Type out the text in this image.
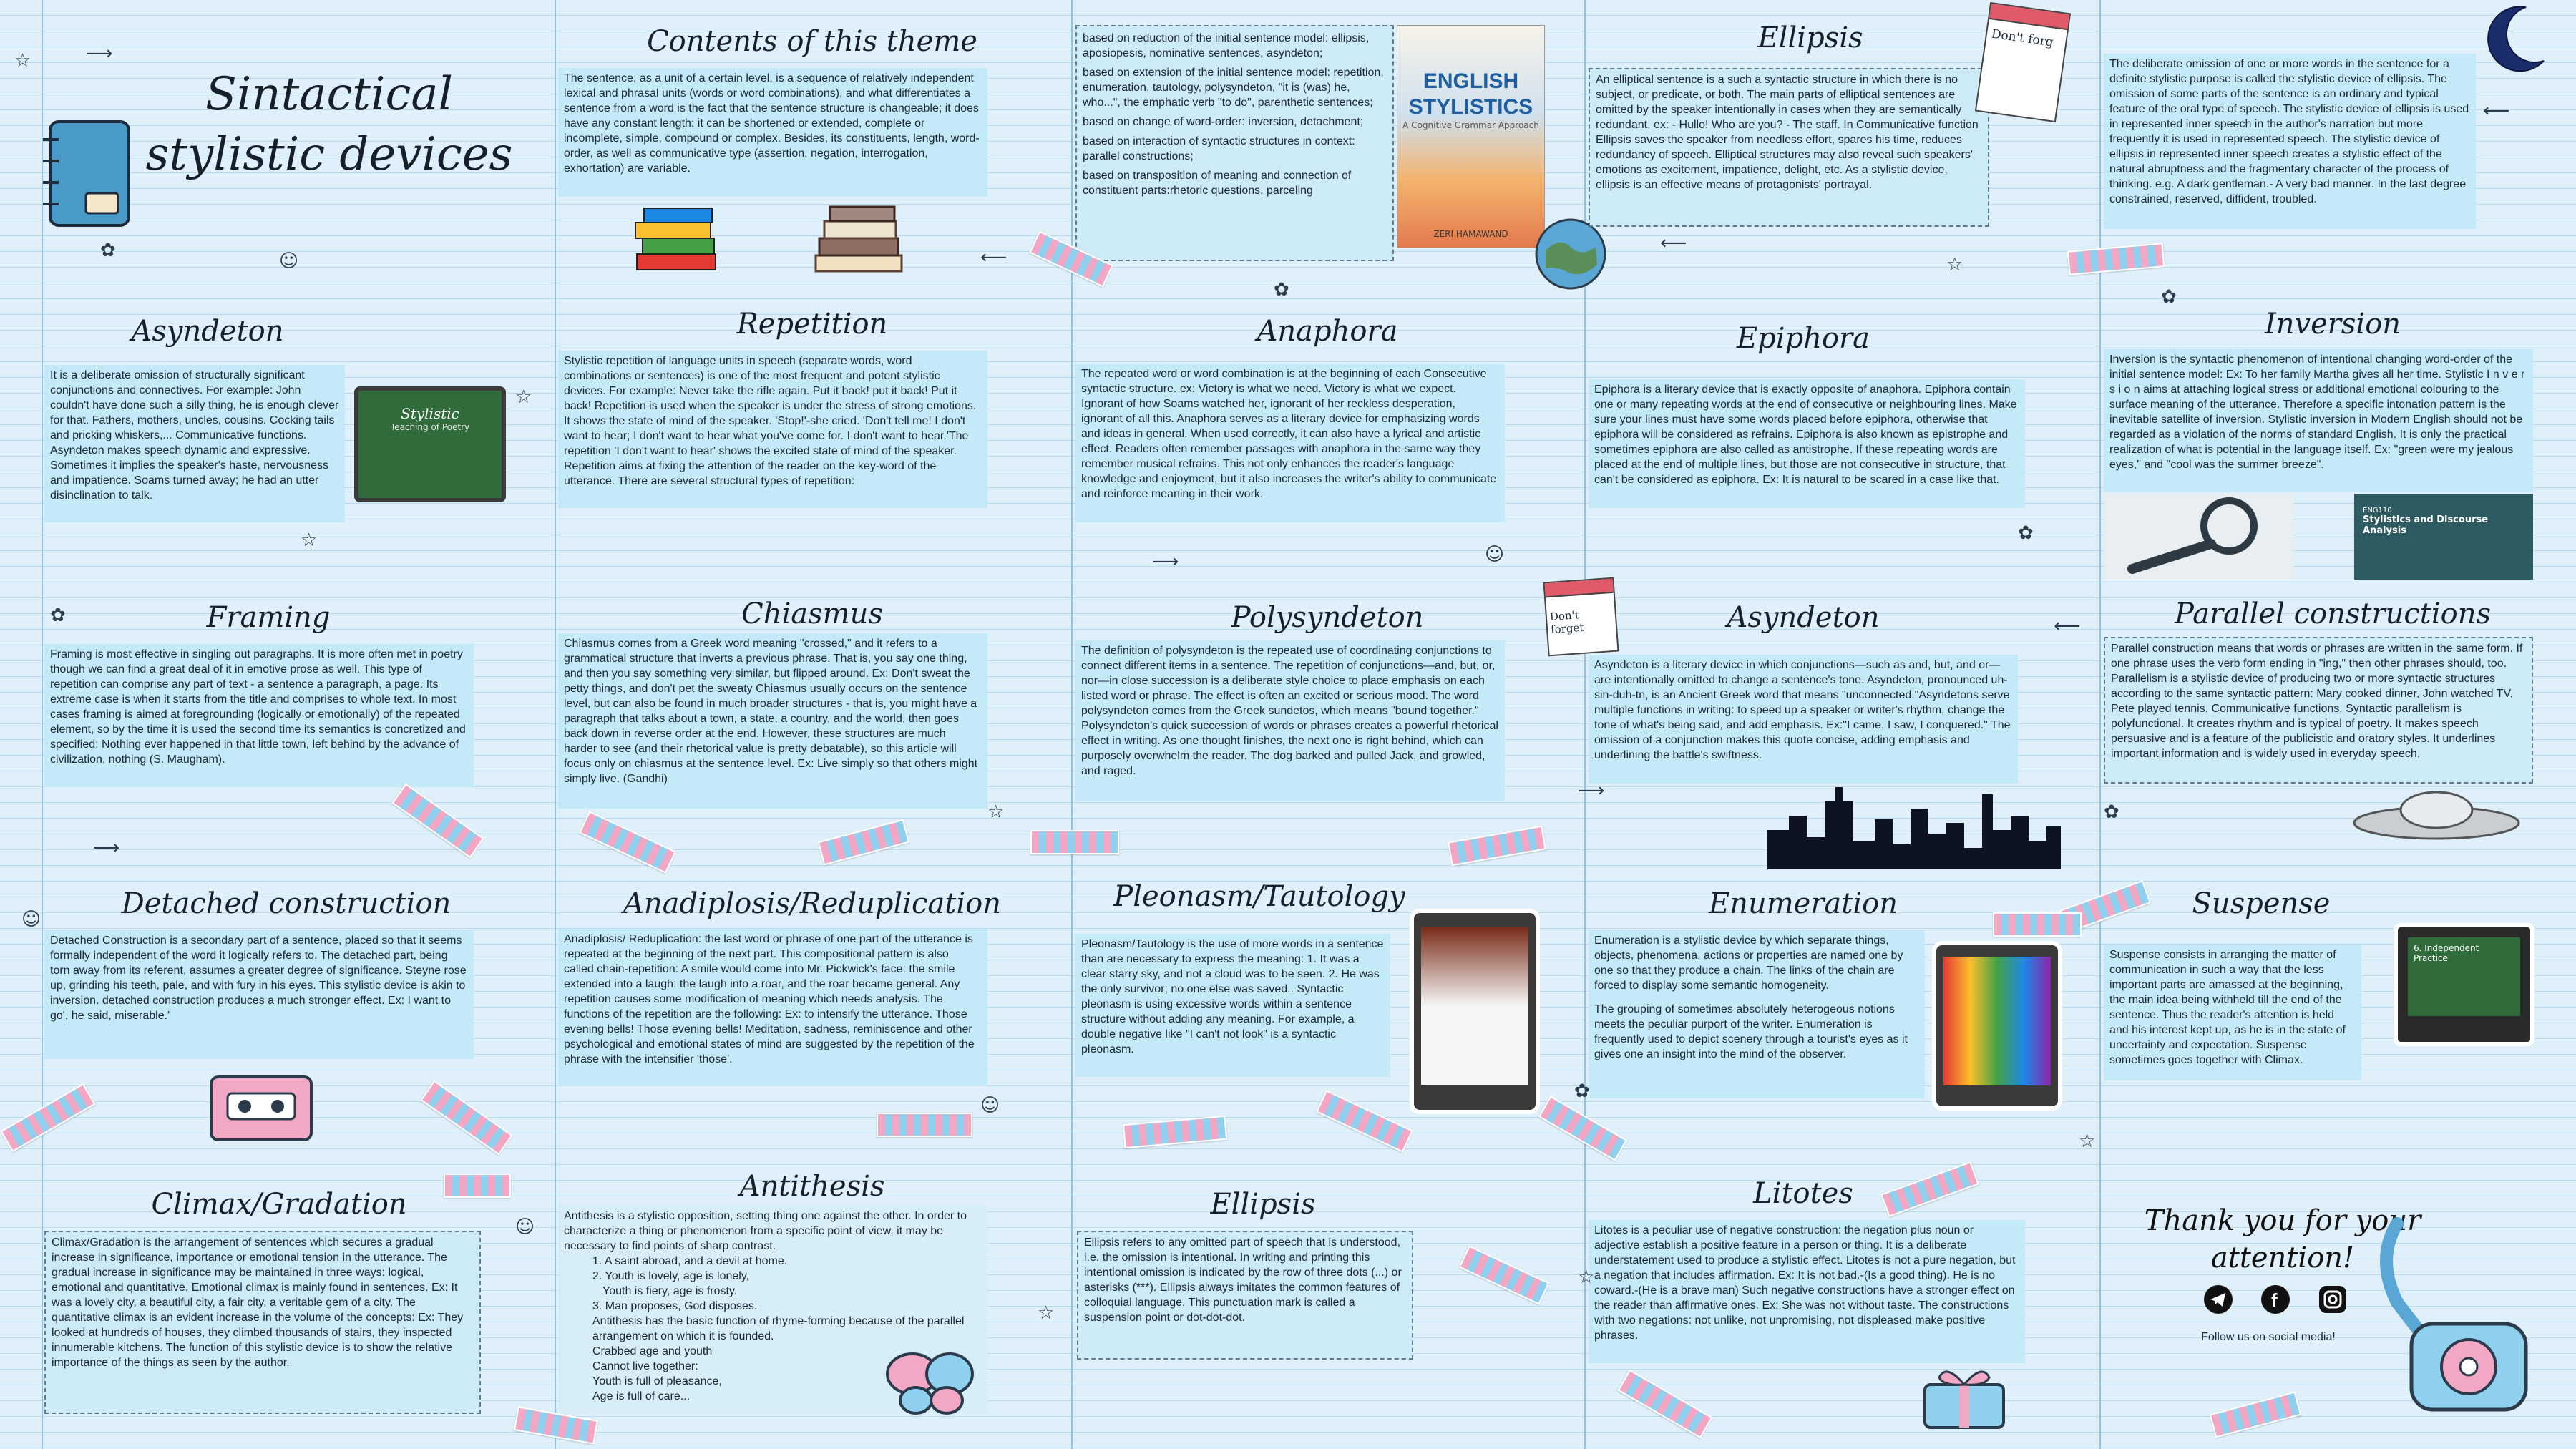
Sintactical stylistic devices
Contents of this theme
The sentence, as a unit of a certain level, is a sequence of relatively independent lexical and phrasal units (words or word combinations), and what differentiates a sentence from a word is the fact that the sentence structure is changeable; it does have any constant length: it can be shortened or extended, complete or incomplete, simple, compound or complex. Besides, its constituents, length, word-order, as well as communicative type (assertion, negation, interrogation, exhortation) are variable.
based on reduction of the initial sentence model: ellipsis, aposiopesis, nominative sentences, asyndeton;
based on extension of the initial sentence model: repetition, enumeration, tautology, polysyndeton, "it is (was) he, who...", the emphatic verb "to do", parenthetic sentences;
based on change of word-order: inversion, detachment;
based on interaction of syntactic structures in context: parallel constructions;
based on transposition of meaning and connection of constituent parts:rhetoric questions, parceling
ENGLISH STYLISTICS
A Cognitive Grammar Approach
ZERI HAMAWAND
Ellipsis
An elliptical sentence is a such a syntactic structure in which there is no subject, or predicate, or both. The main parts of elliptical sentences are omitted by the speaker intentionally in cases when they are semantically redundant. ex: - Hullo! Who are you? - The staff. In Communicative function Ellipsis saves the speaker from needless effort, spares his time, reduces redundancy of speech. Elliptical structures may also reveal such speakers' emotions as excitement, impatience, delight, etc. As a stylistic device, ellipsis is an effective means of protagonists' portrayal.
Don't forg
The deliberate omission of one or more words in the sentence for a definite stylistic purpose is called the stylistic device of ellipsis. The omission of some parts of the sentence is an ordinary and typical feature of the oral type of speech. The stylistic device of ellipsis is used in represented inner speech in the author's narration but more frequently it is used in represented speech. The stylistic device of ellipsis in represented inner speech creates a stylistic effect of the natural abruptness and the fragmentary character of the process of thinking. e.g. A dark gentleman.- A very bad manner. In the last degree constrained, reserved, diffident, troubled.
Asyndeton
It is a deliberate omission of structurally significant conjunctions and connectives. For example: John couldn't have done such a silly thing, he is enough clever for that. Fathers, mothers, uncles, cousins. Cocking tails and pricking whiskers,... Communicative functions. Asyndeton makes speech dynamic and expressive. Sometimes it implies the speaker's haste, nervousness and impatience. Soams turned away; he had an utter disinclination to talk.
Stylistic
Teaching of Poetry
Repetition
Stylistic repetition of language units in speech (separate words, word combinations or sentences) is one of the most frequent and potent stylistic devices. For example: Never take the rifle again. Put it back! put it back! Put it back! Repetition is used when the speaker is under the stress of strong emotions. It shows the state of mind of the speaker. 'Stop!'-she cried. 'Don't tell me! I don't want to hear; I don't want to hear what you've come for. I don't want to hear.'The repetition 'I don't want to hear' shows the excited state of mind of the speaker. Repetition aims at fixing the attention of the reader on the key-word of the utterance. There are several structural types of repetition:
Anaphora
The repeated word or word combination is at the beginning of each Consecutive syntactic structure. ex: Victory is what we need. Victory is what we expect. Ignorant of how Soams watched her, ignorant of her reckless desperation, ignorant of all this. Anaphora serves as a literary device for emphasizing words and ideas in general. When used correctly, it can also have a lyrical and artistic effect. Readers often remember passages with anaphora in the same way they remember musical refrains. This not only enhances the reader's language knowledge and enjoyment, but it also increases the writer's ability to communicate and reinforce meaning in their work.
Epiphora
Epiphora is a literary device that is exactly opposite of anaphora. Epiphora contain one or many repeating words at the end of consecutive or neighbouring lines. Make sure your lines must have some words placed before epiphora, otherwise that epiphora will be considered as refrains. Epiphora is also known as epistrophe and sometimes epiphora are also called as antistrophe. If these repeating words are placed at the end of multiple lines, but those are not consecutive in structure, that can't be considered as epiphora. Ex: It is natural to be scared in a case like that.
Inversion
Inversion is the syntactic phenomenon of intentional changing word-order of the initial sentence model: Ex: To her family Martha gives all her time. Stylistic I n v e r s i o n aims at attaching logical stress or additional emotional colouring to the surface meaning of the utterance. Therefore a specific intonation pattern is the inevitable satellite of inversion. Stylistic inversion in Modern English should not be regarded as a violation of the norms of standard English. It is only the practical realization of what is potential in the language itself. Ex: "green were my jealous eyes," and "cool was the summer breeze".
ENG110
Stylistics and Discourse Analysis
Framing
Framing is most effective in singling out paragraphs. It is more often met in poetry though we can find a great deal of it in emotive prose as well. This type of repetition can comprise any part of text - a sentence a paragraph, a page. Its extreme case is when it starts from the title and comprises to whole text. In most cases framing is aimed at foregrounding (logically or emotionally) of the repeated element, so by the time it is used the second time its semantics is concretized and specified: Nothing ever happened in that little town, left behind by the advance of civilization, nothing (S. Maugham).
Chiasmus
Chiasmus comes from a Greek word meaning "crossed," and it refers to a grammatical structure that inverts a previous phrase. That is, you say one thing, and then you say something very similar, but flipped around. Ex: Don't sweat the petty things, and don't pet the sweaty Chiasmus usually occurs on the sentence level, but can also be found in much broader structures - that is, you might have a paragraph that talks about a town, a state, a country, and the world, then goes back down in reverse order at the end. However, these structures are much harder to see (and their rhetorical value is pretty debatable), so this article will focus only on chiasmus at the sentence level. Ex: Live simply so that others might simply live. (Gandhi)
Polysyndeton
The definition of polysyndeton is the repeated use of coordinating conjunctions to connect different items in a sentence. The repetition of conjunctions—and, but, or, nor—in close succession is a deliberate style choice to place emphasis on each listed word or phrase. The effect is often an excited or serious mood. The word polysyndeton comes from the Greek sundetos, which means "bound together." Polysyndeton's quick succession of words or phrases creates a powerful rhetorical effect in writing. As one thought finishes, the next one is right behind, which can purposely overwhelm the reader. The dog barked and pulled Jack, and growled, and raged.
Don't forget	Asyndeton
Asyndeton is a literary device in which conjunctions—such as and, but, and or—are intentionally omitted to change a sentence's tone. Asyndeton, pronounced uh-sin-duh-tn, is an Ancient Greek word that means "unconnected."Asyndetons serve multiple functions in writing: to speed up a speaker or writer's rhythm, change the tone of what's being said, and add emphasis. Ex:"I came, I saw, I conquered." The omission of a conjunction makes this quote concise, adding emphasis and underlining the battle's swiftness.
Parallel constructions
Parallel construction means that words or phrases are written in the same form. If one phrase uses the verb form ending in "ing," then other phrases should, too. Parallelism is a stylistic device of producing two or more syntactic structures according to the same syntactic pattern: Mary cooked dinner, John watched TV, Pete played tennis. Communicative functions. Syntactic parallelism is polyfunctional. It creates rhythm and is typical of poetry. It makes speech persuasive and is a feature of the publicistic and oratory styles. It underlines important information and is widely used in everyday speech.
Detached construction
Detached Construction is a secondary part of a sentence, placed so that it seems formally independent of the word it logically refers to. The detached part, being torn away from its referent, assumes a greater degree of significance. Steyne rose up, grinding his teeth, pale, and with fury in his eyes. This stylistic device is akin to inversion. detached construction produces a much stronger effect. Ex: I want to go', he said, miserable.'
Anadiplosis/Reduplication
Anadiplosis/ Reduplication: the last word or phrase of one part of the utterance is repeated at the beginning of the next part. This compositional pattern is also called chain-repetition: A smile would come into Mr. Pickwick's face: the smile extended into a laugh: the laugh into a roar, and the roar became general. Any repetition causes some modification of meaning which needs analysis. The functions of the repetition are the following: Ex: to intensify the utterance. Those evening bells! Those evening bells! Meditation, sadness, reminiscence and other psychological and emotional states of mind are suggested by the repetition of the phrase with the intensifier 'those'.
Pleonasm/Tautology
Pleonasm/Tautology is the use of more words in a sentence than are necessary to express the meaning: 1. It was a clear starry sky, and not a cloud was to be seen. 2. He was the only survivor; no one else was saved.. Syntactic pleonasm is using excessive words within a sentence structure without adding any meaning. For example, a double negative like "I can't not look" is a syntactic pleonasm.
Enumeration
Enumeration is a stylistic device by which separate things, objects, phenomena, actions or properties are named one by one so that they produce a chain. The links of the chain are forced to display some semantic homogeneity.
The grouping of sometimes absolutely heterogeous notions meets the peculiar purport of the writer. Enumeration is frequently used to depict scenery through a tourist's eyes as it gives one an insight into the mind of the observer.
Suspense
Suspense consists in arranging the matter of communication in such a way that the less important parts are amassed at the beginning, the main idea being withheld till the end of the sentence. Thus the reader's attention is held and his interest kept up, as he is in the state of uncertainty and expectation. Suspense sometimes goes together with Climax.
6. Independent Practice
Climax/Gradation
Climax/Gradation is the arrangement of sentences which secures a gradual increase in significance, importance or emotional tension in the utterance. The gradual increase in significance may be maintained in three ways: logical, emotional and quantitative. Emotional climax is mainly found in sentences. Ex: It was a lovely city, a beautiful city, a fair city, a veritable gem of a city. The quantitative climax is an evident increase in the volume of the concepts: Ex: They looked at hundreds of houses, they climbed thousands of stairs, they inspected innumerable kitchens. The function of this stylistic device is to show the relative importance of the things as seen by the author.
Antithesis
Antithesis is a stylistic opposition, setting thing one against the other. In order to characterize a thing or phenomenon from a specific point of view, it may be necessary to find points of sharp contrast.
1. A saint abroad, and a devil at home.
2. Youth is lovely, age is lonely,
Youth is fiery, age is frosty.
3. Man proposes, God disposes.
Antithesis has the basic function of rhyme-forming because of the parallel arrangement on which it is founded.
Crabbed age and youth
Cannot live together:
Youth is full of pleasance,
Age is full of care...
Ellipsis
Ellipsis refers to any omitted part of speech that is understood, i.e. the omission is intentional. In writing and printing this intentional omission is indicated by the row of three dots (...) or asterisks (***). Ellipsis always imitates the common features of colloquial language. This punctuation mark is called a suspension point or dot-dot-dot.
Litotes
Litotes is a peculiar use of negative construction: the negation plus noun or adjective establish a positive feature in a person or thing. It is a deliberate understatement used to produce a stylistic effect. Litotes is not a pure negation, but a negation that includes affirmation. Ex: It is not bad.-(Is a good thing). He is no coward.-(He is a brave man) Such negative constructions have a stronger effect on the reader than affirmative ones. Ex: She was not without taste. The constructions with two negations: not unlike, not unpromising, not displeased make positive phrases.
Thank you for your
attention!
f
Follow us on social media!
☆	⟶
☺
✿
☆
☆
✿
⟵
✿
⟵
☆
⟵
✿
✿
⟵
⟶	☺
⟶
☆	✿
⟶
☺
☺
✿
☺
☆
☆
☆
